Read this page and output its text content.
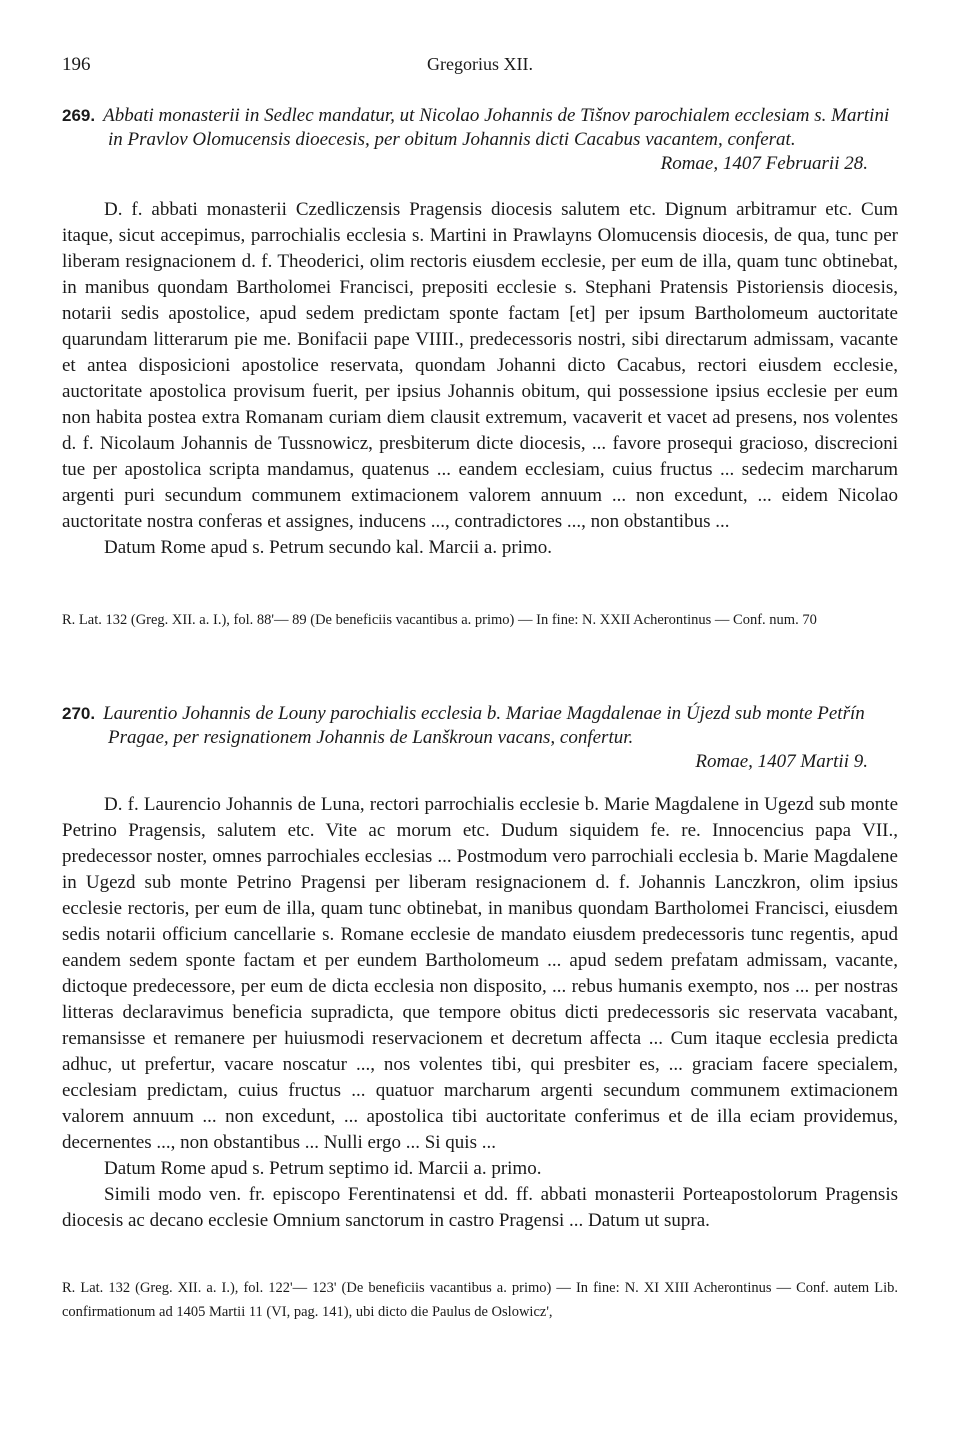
196	Gregorius XII.
269. Abbati monasterii in Sedlec mandatur, ut Nicolao Johannis de Tišnov parochialem ecclesiam s. Martini
in Pravlov Olomucensis dioecesis, per obitum Johannis dicti Cacabus vacantem, conferat.
Romae, 1407 Februarii 28.

D. f. abbati monasterii Czedliczensis Pragensis diocesis salutem etc. Dignum arbitramur etc. Cum itaque, sicut accepimus, parrochialis ecclesia s. Martini in Prawlayns Olomucensis diocesis, de qua, tunc per liberam resignacionem d. f. Theoderici, olim rectoris eiusdem ecclesie, per eum de illa, quam tunc obtinebat, in manibus quondam Bartholomei Francisci, prepositi ecclesie s. Stephani Pratensis Pistoriensis diocesis, notarii sedis apostolice, apud sedem predictam sponte factam [et] per ipsum Bartholomeum auctoritate quarundam litterarum pie me. Bonifacii pape VIIII., predecessoris nostri, sibi directarum admissam, vacante et antea disposicioni apostolice reservata, quondam Johanni dicto Cacabus, rectori eiusdem ecclesie, auctoritate apostolica provisum fuerit, per ipsius Johannis obitum, qui possessione ipsius ecclesie per eum non habita postea extra Romanam curiam diem clausit extremum, vacaverit et vacet ad presens, nos volentes d. f. Nicolaum Johannis de Tussnowicz, presbiterum dicte diocesis, ... favore prosequi gracioso, discrecioni tue per apostolica scripta mandamus, quatenus ... eandem ecclesiam, cuius fructus ... sedecim marcharum argenti puri secundum communem extimacionem valorem annuum ... non excedunt, ... eidem Nicolao auctoritate nostra conferas et assignes, inducens ..., contradictores ..., non obstantibus ...

Datum Rome apud s. Petrum secundo kal. Marcii a. primo.

R. Lat. 132 (Greg. XII. a. I.), fol. 88'— 89 (De beneficiis vacantibus a. primo) — In fine: N. XXII Acherontinus — Conf. num. 70
270. Laurentio Johannis de Louny parochialis ecclesia b. Mariae Magdalenae in Újezd sub monte Petřín
Pragae, per resignationem Johannis de Lanškroun vacans, confertur.
Romae, 1407 Martii 9.

D. f. Laurencio Johannis de Luna, rectori parrochialis ecclesie b. Marie Magdalene in Ugezd sub monte Petrino Pragensis, salutem etc. Vite ac morum etc. Dudum siquidem fe. re. Innocencius papa VII., predecessor noster, omnes parrochiales ecclesias ... Postmodum vero parrochiali ecclesia b. Marie Magdalene in Ugezd sub monte Petrino Pragensi per liberam resignacionem d. f. Johannis Lanczkron, olim ipsius ecclesie rectoris, per eum de illa, quam tunc obtinebat, in manibus quondam Bartholomei Francisci, eiusdem sedis notarii officium cancellarie s. Romane ecclesie de mandato eiusdem predecessoris tunc regentis, apud eandem sedem sponte factam et per eundem Bartholomeum ... apud sedem prefatam admissam, vacante, dictoque predecessore, per eum de dicta ecclesia non disposito, ... rebus humanis exempto, nos ... per nostras litteras declaravimus beneficia supradicta, que tempore obitus dicti predecessoris sic reservata vacabant, remansisse et remanere per huiusmodi reservacionem et decretum affecta ... Cum itaque ecclesia predicta adhuc, ut prefertur, vacare noscatur ..., nos volentes tibi, qui presbiter es, ... graciam facere specialem, ecclesiam predictam, cuius fructus ... quatuor marcharum argenti secundum communem extimacionem valorem annuum ... non excedunt, ... apostolica tibi auctoritate conferimus et de illa eciam providemus, decernentes ..., non obstantibus ... Nulli ergo ... Si quis ...

Datum Rome apud s. Petrum septimo id. Marcii a. primo.

Simili modo ven. fr. episcopo Ferentinatensi et dd. ff. abbati monasterii Porteapostolorum Pragensis diocesis ac decano ecclesie Omnium sanctorum in castro Pragensi ... Datum ut supra.

R. Lat. 132 (Greg. XII. a. I.), fol. 122'— 123' (De beneficiis vacantibus a. primo) — In fine: N. XI XIII Acherontinus — Conf. autem Lib. confirmationum ad 1405 Martii 11 (VI, pag. 141), ubi dicto die Paulus de Oslowicz',
